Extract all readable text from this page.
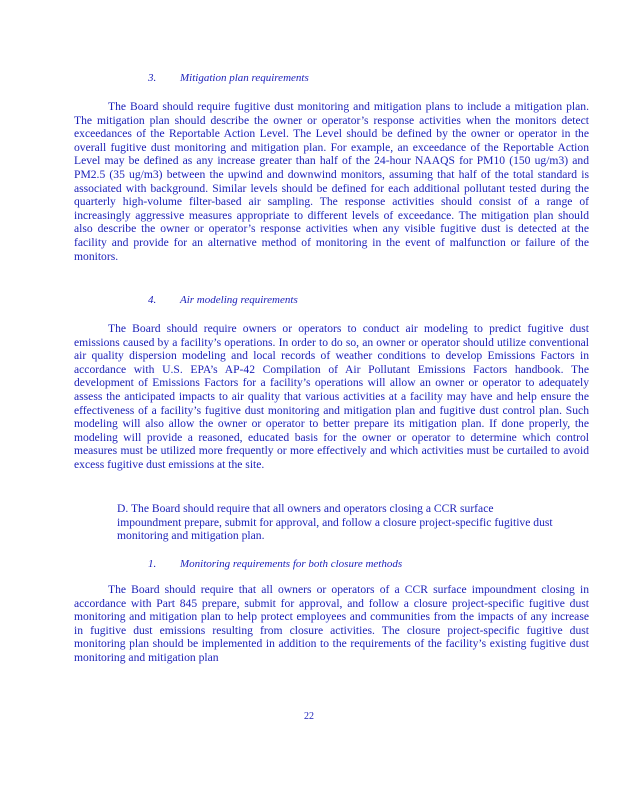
3. Mitigation plan requirements

The Board should require fugitive dust monitoring and mitigation plans to include a mitigation plan. The mitigation plan should describe the owner or operator’s response activities when the monitors detect exceedances of the Reportable Action Level. The Level should be defined by the owner or operator in the overall fugitive dust monitoring and mitigation plan. For example, an exceedance of the Reportable Action Level may be defined as any increase greater than half of the 24-hour NAAQS for PM10 (150 ug/m3) and PM2.5 (35 ug/m3) between the upwind and downwind monitors, assuming that half of the total standard is associated with background. Similar levels should be defined for each additional pollutant tested during the quarterly high-volume filter-based air sampling. The response activities should consist of a range of increasingly aggressive measures appropriate to different levels of exceedance. The mitigation plan should also describe the owner or operator’s response activities when any visible fugitive dust is detected at the facility and provide for an alternative method of monitoring in the event of malfunction or failure of the monitors.

4. Air modeling requirements

The Board should require owners or operators to conduct air modeling to predict fugitive dust emissions caused by a facility’s operations. In order to do so, an owner or operator should utilize conventional air quality dispersion modeling and local records of weather conditions to develop Emissions Factors in accordance with U.S. EPA’s AP-42 Compilation of Air Pollutant Emissions Factors handbook. The development of Emissions Factors for a facility’s operations will allow an owner or operator to adequately assess the anticipated impacts to air quality that various activities at a facility may have and help ensure the effectiveness of a facility’s fugitive dust monitoring and mitigation plan and fugitive dust control plan. Such modeling will also allow the owner or operator to better prepare its mitigation plan. If done properly, the modeling will provide a reasoned, educated basis for the owner or operator to determine which control measures must be utilized more frequently or more effectively and which activities must be curtailed to avoid excess fugitive dust emissions at the site.

D. The Board should require that all owners and operators closing a CCR surface impoundment prepare, submit for approval, and follow a closure project-specific fugitive dust monitoring and mitigation plan.

1. Monitoring requirements for both closure methods

The Board should require that all owners or operators of a CCR surface impoundment closing in accordance with Part 845 prepare, submit for approval, and follow a closure project-specific fugitive dust monitoring and mitigation plan to help protect employees and communities from the impacts of any increase in fugitive dust emissions resulting from closure activities. The closure project-specific fugitive dust monitoring plan should be implemented in addition to the requirements of the facility’s existing fugitive dust monitoring and mitigation plan

22
